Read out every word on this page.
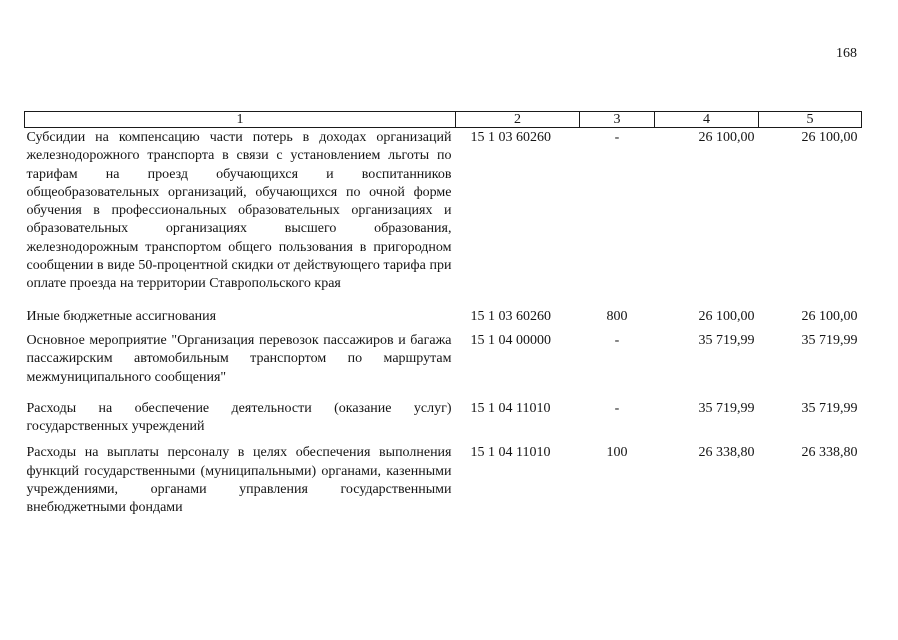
168
1	2	3	4	5
Субсидии на компенсацию части потерь в доходах организаций железнодорожного транспорта в связи с установлением льготы по тарифам на проезд обучающихся и воспитанников общеобразовательных организаций, обучающихся по очной форме обучения в профессиональных образовательных организациях и образовательных организациях высшего образования, железнодорожным транспортом общего пользования в пригородном сообщении в виде 50-процентной скидки от действующего тарифа при оплате проезда на территории Ставропольского края	15 1 03 60260	-	26 100,00	26 100,00
Иные бюджетные ассигнования	15 1 03 60260	800	26 100,00	26 100,00
Основное мероприятие "Организация перевозок пассажиров и багажа пассажирским автомобильным транспортом по маршрутам межмуниципального сообщения"	15 1 04 00000	-	35 719,99	35 719,99
Расходы на обеспечение деятельности (оказание услуг) государственных учреждений	15 1 04 11010	-	35 719,99	35 719,99
Расходы на выплаты персоналу в целях обеспечения выполнения функций государственными (муниципальными) органами, казенными учреждениями, органами управления государственными внебюджетными фондами	15 1 04 11010	100	26 338,80	26 338,80
